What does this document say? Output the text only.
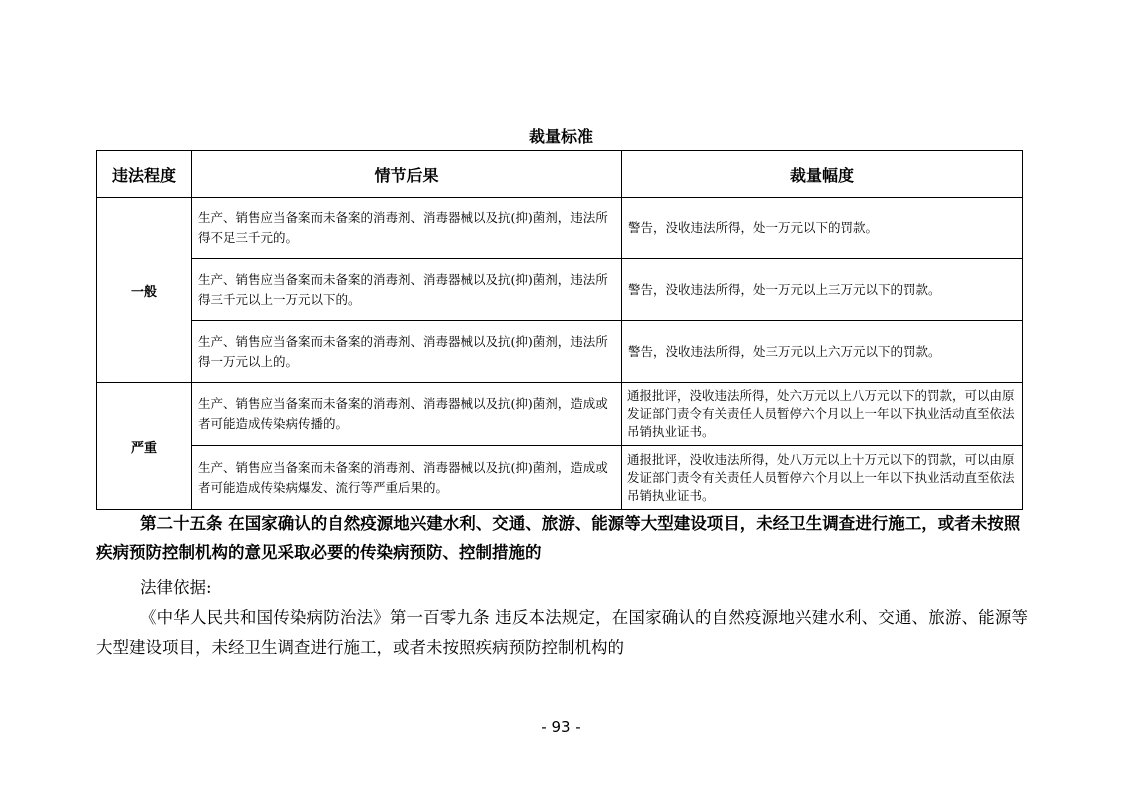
裁量标准
违法程度	情节后果	裁量幅度
一般	生产、销售应当备案而未备案的消毒剂、消毒器械以及抗(抑)菌剂，违法所得不足三千元的。	警告，没收违法所得，处一万元以下的罚款。
	生产、销售应当备案而未备案的消毒剂、消毒器械以及抗(抑)菌剂，违法所得三千元以上一万元以下的。	警告，没收违法所得，处一万元以上三万元以下的罚款。
	生产、销售应当备案而未备案的消毒剂、消毒器械以及抗(抑)菌剂，违法所得一万元以上的。	警告，没收违法所得，处三万元以上六万元以下的罚款。
严重	生产、销售应当备案而未备案的消毒剂、消毒器械以及抗(抑)菌剂，造成或者可能造成传染病传播的。	通报批评，没收违法所得，处六万元以上八万元以下的罚款，可以由原发证部门责令有关责任人员暂停六个月以上一年以下执业活动直至依法吊销执业证书。
	生产、销售应当备案而未备案的消毒剂、消毒器械以及抗(抑)菌剂，造成或者可能造成传染病爆发、流行等严重后果的。	通报批评，没收违法所得，处八万元以上十万元以下的罚款，可以由原发证部门责令有关责任人员暂停六个月以上一年以下执业活动直至依法吊销执业证书。
第二十五条 在国家确认的自然疫源地兴建水利、交通、旅游、能源等大型建设项目，未经卫生调查进行施工，或者未按照疾病预防控制机构的意见采取必要的传染病预防、控制措施的
法律依据:
《中华人民共和国传染病防治法》第一百零九条 违反本法规定，在国家确认的自然疫源地兴建水利、交通、旅游、能源等大型建设项目，未经卫生调查进行施工，或者未按照疾病预防控制机构的
- 93 -
